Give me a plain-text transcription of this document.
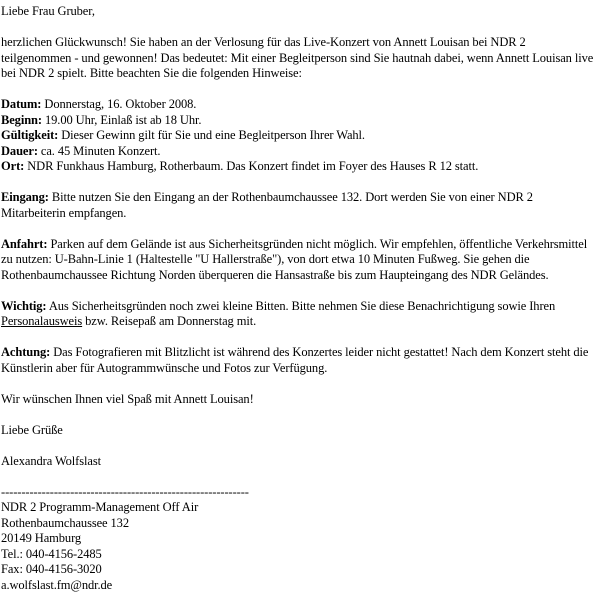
Liebe Frau Gruber,

herzlichen Glückwunsch! Sie haben an der Verlosung für das Live-Konzert von Annett Louisan bei NDR 2 teilgenommen - und gewonnen! Das bedeutet: Mit einer Begleitperson sind Sie hautnah dabei, wenn Annett Louisan live bei NDR 2 spielt. Bitte beachten Sie die folgenden Hinweise:

Datum: Donnerstag, 16. Oktober 2008.

Beginn: 19.00 Uhr, Einlaß ist ab 18 Uhr.

Gültigkeit: Dieser Gewinn gilt für Sie und eine Begleitperson Ihrer Wahl.

Dauer: ca. 45 Minuten Konzert.

Ort: NDR Funkhaus Hamburg, Rotherbaum. Das Konzert findet im Foyer des Hauses R 12 statt.

Eingang: Bitte nutzen Sie den Eingang an der Rothenbaumchaussee 132. Dort werden Sie von einer NDR 2 Mitarbeiterin empfangen.

Anfahrt: Parken auf dem Gelände ist aus Sicherheitsgründen nicht möglich. Wir empfehlen, öffentliche Verkehrsmittel zu nutzen: U-Bahn-Linie 1 (Haltestelle "U Hallerstraße"), von dort etwa 10 Minuten Fußweg. Sie gehen die Rothenbaumchaussee Richtung Norden überqueren die Hansastraße bis zum Haupteingang des NDR Geländes.

Wichtig: Aus Sicherheitsgründen noch zwei kleine Bitten. Bitte nehmen Sie diese Benachrichtigung sowie Ihren Personalausweis bzw. Reisepaß am Donnerstag mit.

Achtung: Das Fotografieren mit Blitzlicht ist während des Konzertes leider nicht gestattet! Nach dem Konzert steht die Künstlerin aber für Autogrammwünsche und Fotos zur Verfügung.

Wir wünschen Ihnen viel Spaß mit Annett Louisan!

Liebe Grüße

Alexandra Wolfslast

-------------------------------------------------------------

NDR 2 Programm-Management Off Air

Rothenbaumchaussee 132

20149 Hamburg

Tel.: 040-4156-2485

Fax: 040-4156-3020

a.wolfslast.fm@ndr.de
